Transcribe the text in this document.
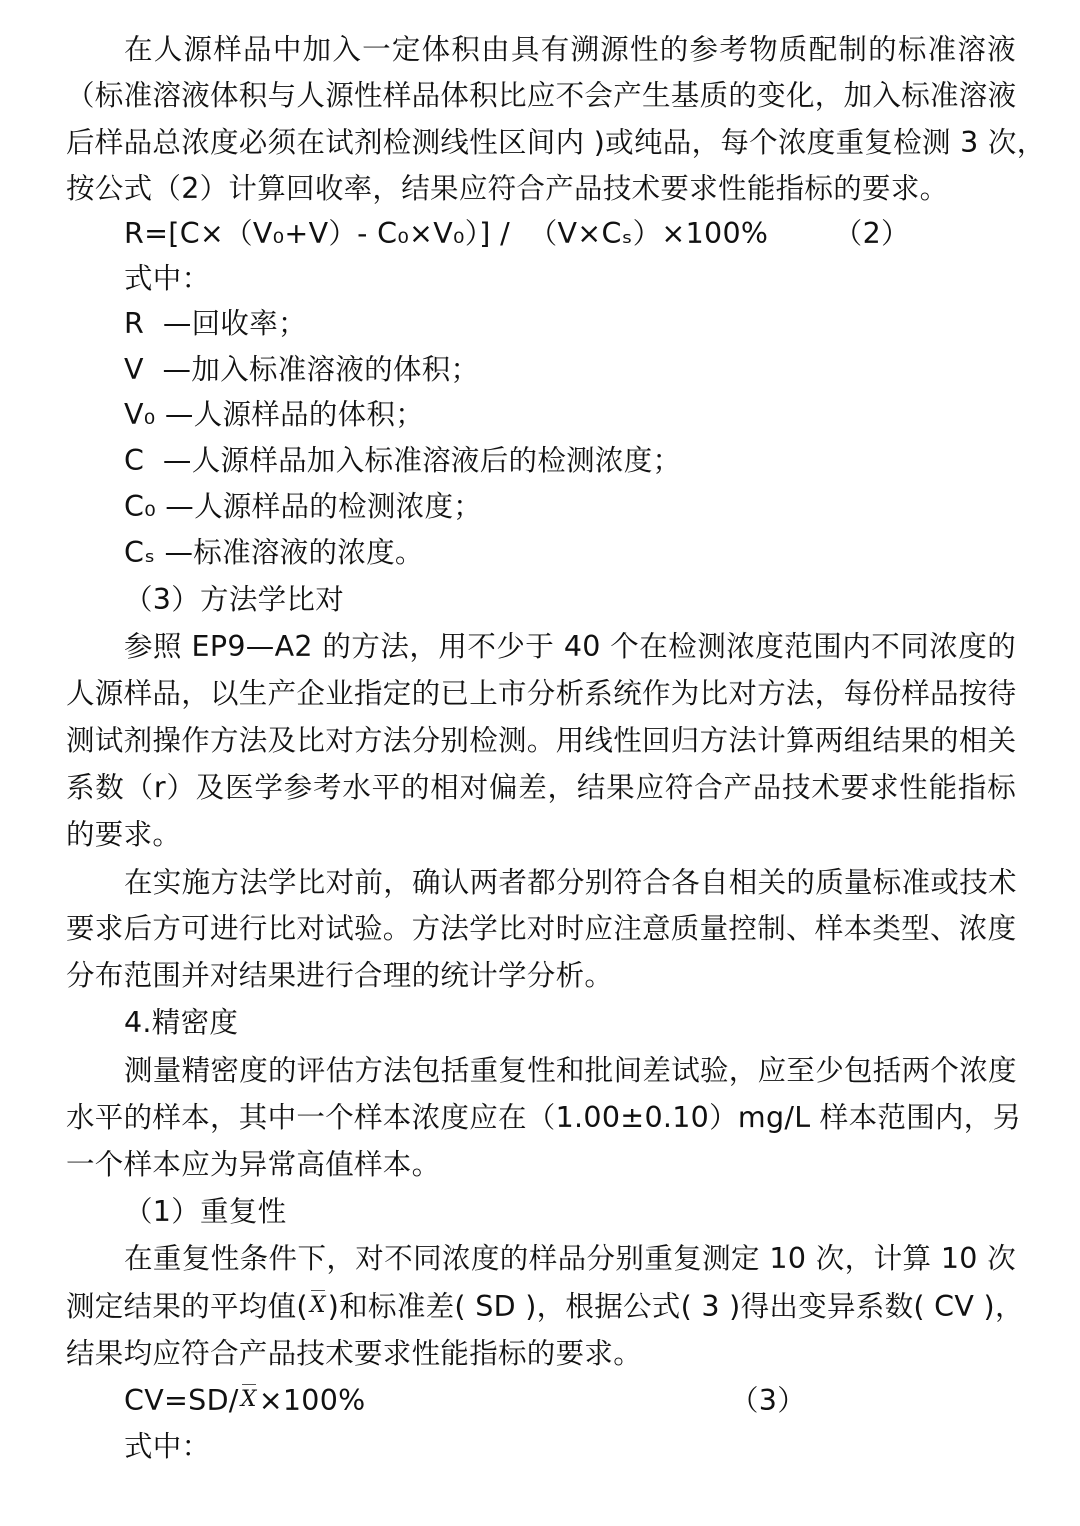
在人源样品中加入一定体积由具有溯源性的参考物质配制的标准溶液
（标准溶液体积与人源性样品体积比应不会产生基质的变化，加入标准溶液
后样品总浓度必须在试剂检测线性区间内 )或纯品，每个浓度重复检测 3 次，
按公式（2）计算回收率，结果应符合产品技术要求性能指标的要求。
R=[C×（V₀+V）- C₀×V₀）] /  （V×Cₛ）×100%       （2）
式中：
R  —回收率；
V  —加入标准溶液的体积；
V₀ —人源样品的体积；
C  —人源样品加入标准溶液后的检测浓度；
C₀ —人源样品的检测浓度；
Cₛ —标准溶液的浓度。
（3）方法学比对
参照 EP9—A2 的方法，用不少于 40 个在检测浓度范围内不同浓度的
人源样品，以生产企业指定的已上市分析系统作为比对方法，每份样品按待
测试剂操作方法及比对方法分别检测。用线性回归方法计算两组结果的相关
系数（r）及医学参考水平的相对偏差，结果应符合产品技术要求性能指标
的要求。
在实施方法学比对前，确认两者都分别符合各自相关的质量标准或技术
要求后方可进行比对试验。方法学比对时应注意质量控制、样本类型、浓度
分布范围并对结果进行合理的统计学分析。
4.精密度
测量精密度的评估方法包括重复性和批间差试验，应至少包括两个浓度
水平的样本，其中一个样本浓度应在（1.00±0.10）mg/L 样本范围内，另
一个样本应为异常高值样本。
（1）重复性
在重复性条件下，对不同浓度的样品分别重复测定 10 次，计算 10 次
测定结果的平均值(X)和标准差( SD )，根据公式( 3 )得出变异系数( CV )，
结果均应符合产品技术要求性能指标的要求。
CV=SD/X×100%	（3）
式中：
